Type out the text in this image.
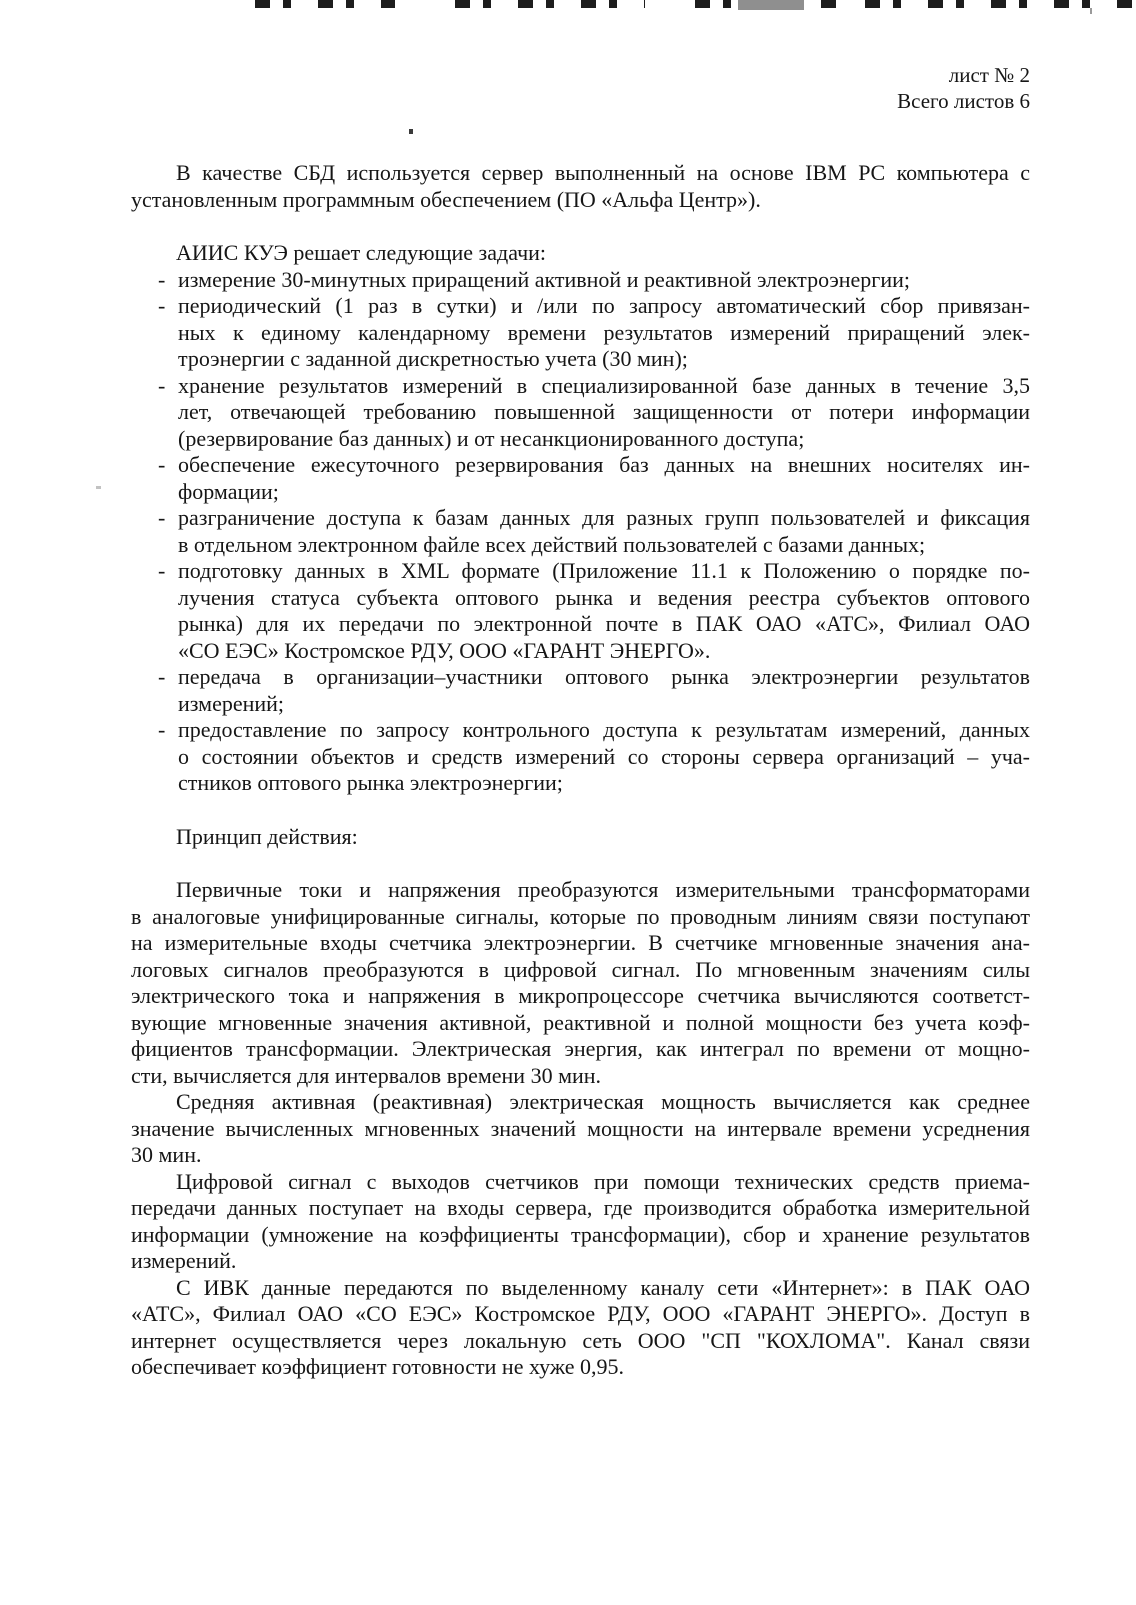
лист № 2
Всего листов 6
В качестве СБД используется сервер выполненный на основе IBM PC компьютера с
установленным программным обеспечением (ПО «Альфа Центр»).
АИИС КУЭ решает следующие задачи:
- измерение 30-минутных приращений активной и реактивной электроэнергии;
- периодический (1 раз в сутки) и /или по запросу автоматический сбор привязан-
ных к единому календарному времени результатов измерений приращений элек-
троэнергии с заданной дискретностью учета (30 мин);
- хранение результатов измерений в специализированной базе данных в течение 3,5
лет, отвечающей требованию повышенной защищенности от потери информации
(резервирование баз данных) и от несанкционированного доступа;
- обеспечение ежесуточного резервирования баз данных на внешних носителях ин-
формации;
- разграничение доступа к базам данных для разных групп пользователей и фиксация
в отдельном электронном файле всех действий пользователей с базами данных;
- подготовку данных в XML формате (Приложение 11.1 к Положению о порядке по-
лучения статуса субъекта оптового рынка и ведения реестра субъектов оптового
рынка) для их передачи по электронной почте в ПАК ОАО «АТС», Филиал ОАО
«СО ЕЭС» Костромское РДУ, ООО «ГАРАНТ ЭНЕРГО».
- передача в организации–участники оптового рынка электроэнергии результатов
измерений;
- предоставление по запросу контрольного доступа к результатам измерений, данных
о состоянии объектов и средств измерений со стороны сервера организаций – уча-
стников оптового рынка электроэнергии;
Принцип действия:
Первичные токи и напряжения преобразуются измерительными трансформаторами
в аналоговые унифицированные сигналы, которые по проводным линиям связи поступают
на измерительные входы счетчика электроэнергии. В счетчике мгновенные значения ана-
логовых сигналов преобразуются в цифровой сигнал. По мгновенным значениям силы
электрического тока и напряжения в микропроцессоре счетчика вычисляются соответст-
вующие мгновенные значения активной, реактивной и полной мощности без учета коэф-
фициентов трансформации. Электрическая энергия, как интеграл по времени от мощно-
сти, вычисляется для интервалов времени 30 мин.
Средняя активная (реактивная) электрическая мощность вычисляется как среднее
значение вычисленных мгновенных значений мощности на интервале времени усреднения
30 мин.
Цифровой сигнал с выходов счетчиков при помощи технических средств приема-
передачи данных поступает на входы сервера, где производится обработка измерительной
информации (умножение на коэффициенты трансформации), сбор и хранение результатов
измерений.
С ИВК данные передаются по выделенному каналу сети «Интернет»: в ПАК ОАО
«АТС», Филиал ОАО «СО ЕЭС» Костромское РДУ, ООО «ГАРАНТ ЭНЕРГО». Доступ в
интернет осуществляется через локальную сеть ООО "СП "КОХЛОМА". Канал связи
обеспечивает коэффициент готовности не хуже 0,95.
